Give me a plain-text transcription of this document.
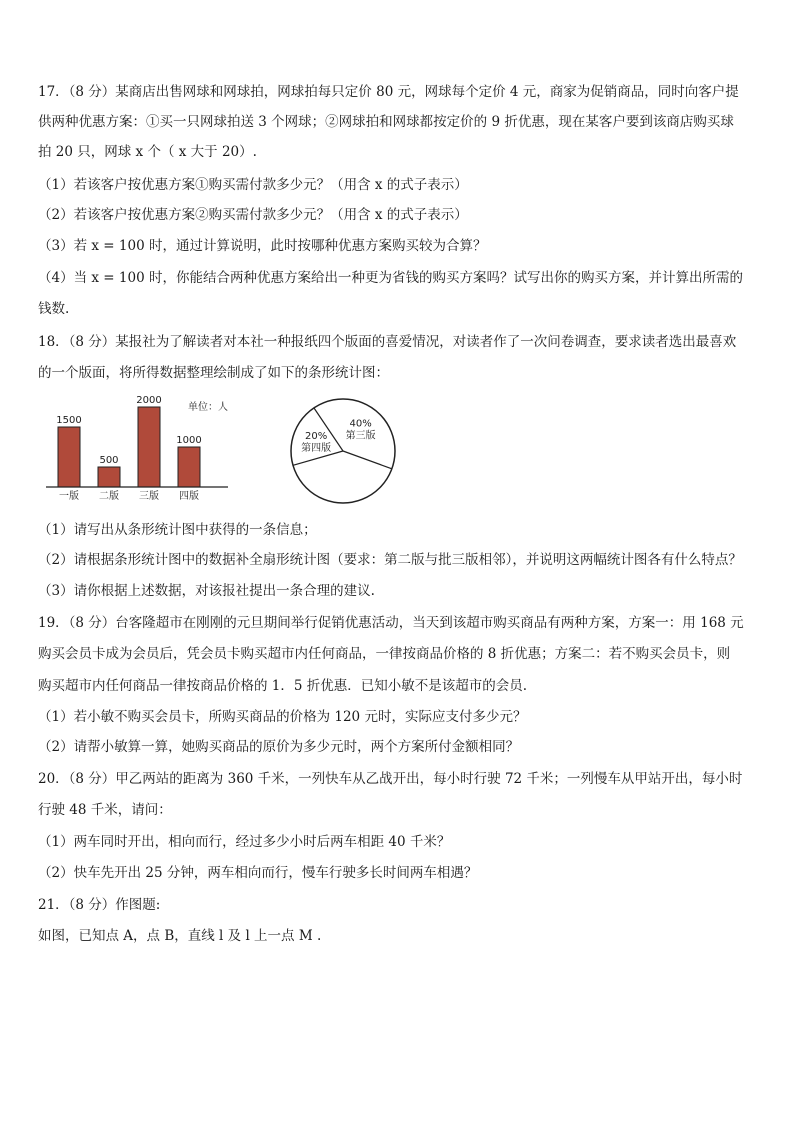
17．（8 分）某商店出售网球和网球拍，网球拍每只定价 80 元，网球每个定价 4 元，商家为促销商品，同时向客户提
供两种优惠方案：①买一只网球拍送 3 个网球；②网球拍和网球都按定价的 9 折优惠，现在某客户要到该商店购买球
拍 20 只，网球 x 个（ x 大于 20）.
（1）若该客户按优惠方案①购买需付款多少元？（用含 x 的式子表示）
（2）若该客户按优惠方案②购买需付款多少元？（用含 x 的式子表示）
（3）若 x = 100 时，通过计算说明，此时按哪种优惠方案购买较为合算？
（4）当 x = 100 时，你能结合两种优惠方案给出一种更为省钱的购买方案吗？试写出你的购买方案，并计算出所需的
钱数.
18．（8 分）某报社为了解读者对本社一种报纸四个版面的喜爱情况，对读者作了一次问卷调查，要求读者选出最喜欢
的一个版面，将所得数据整理绘制成了如下的条形统计图：
单位：人
1500
500
2000
1000
一版 二版 三版 四版
20%
第四版
40%
第三版
（1）请写出从条形统计图中获得的一条信息；
（2）请根据条形统计图中的数据补全扇形统计图（要求：第二版与批三版相邻），并说明这两幅统计图各有什么特点？
（3）请你根据上述数据，对该报社提出一条合理的建议.
19．（8 分）台客隆超市在刚刚的元旦期间举行促销优惠活动，当天到该超市购买商品有两种方案，方案一：用 168 元
购买会员卡成为会员后，凭会员卡购买超市内任何商品，一律按商品价格的 8 折优惠；方案二：若不购买会员卡，则
购买超市内任何商品一律按商品价格的 1．5 折优惠．已知小敏不是该超市的会员.
（1）若小敏不购买会员卡，所购买商品的价格为 120 元时，实际应支付多少元？
（2）请帮小敏算一算，她购买商品的原价为多少元时，两个方案所付金额相同？
20．（8 分）甲乙两站的距离为 360 千米，一列快车从乙战开出，每小时行驶 72 千米；一列慢车从甲站开出，每小时
行驶 48 千米，请问：
（1）两车同时开出，相向而行，经过多少小时后两车相距 40 千米？
（2）快车先开出 25 分钟，两车相向而行，慢车行驶多长时间两车相遇？
21．（8 分）作图题:
如图，已知点 A，点 B，直线 l 及 l 上一点 M .
